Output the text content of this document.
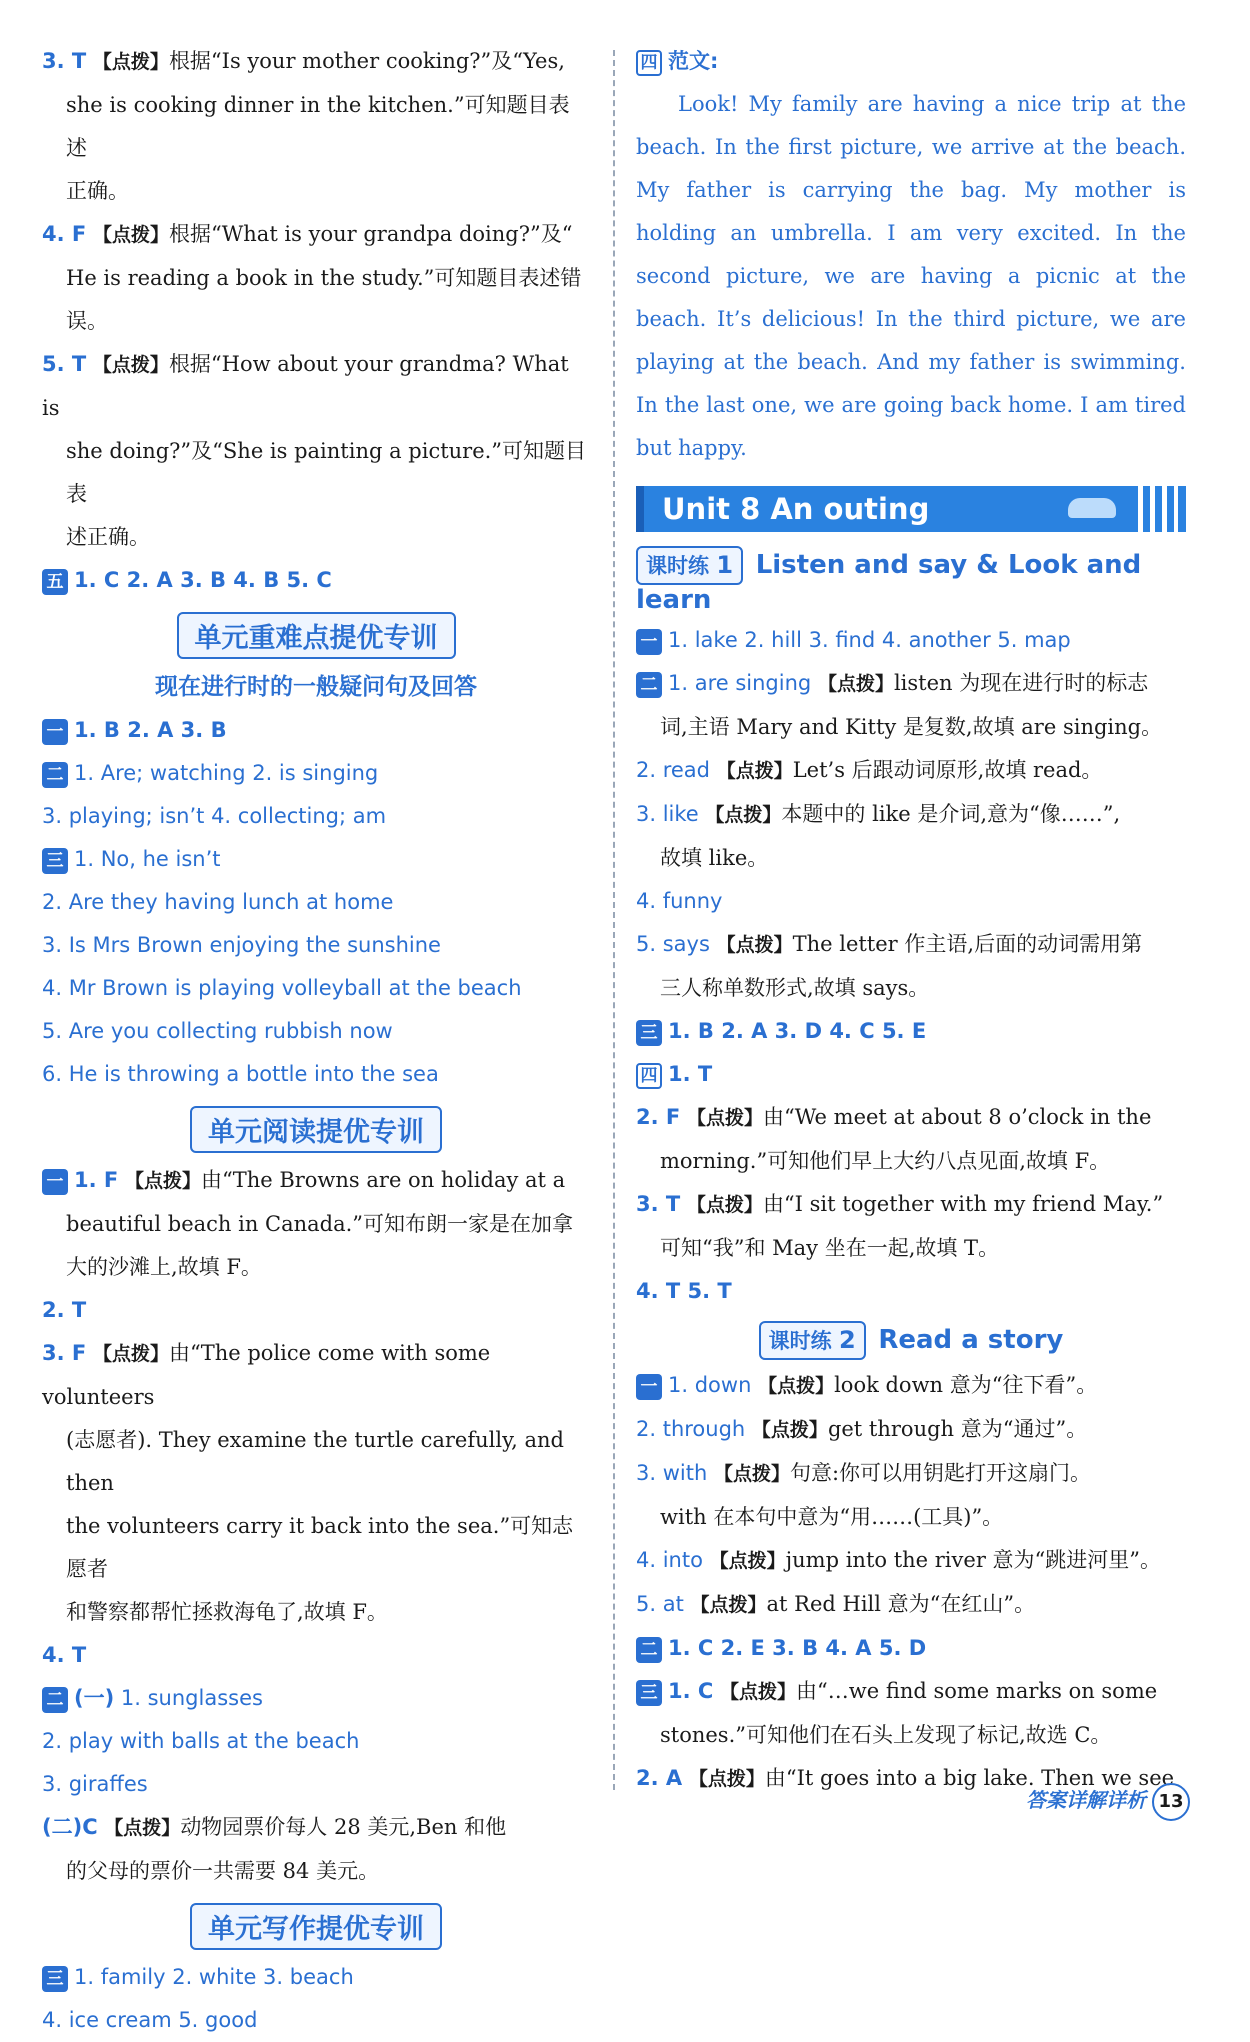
3. T 【点拨】根据“Is your mother cooking?”及“Yes,
she is cooking dinner in the kitchen.”可知题目表述
正确。

4. F 【点拨】根据“What is your grandpa doing?”及“
He is reading a book in the study.”可知题目表述错误。

5. T 【点拨】根据“How about your grandma? What is
she doing?”及“She is painting a picture.”可知题目表
述正确。

五 1. C 2. A 3. B 4. B 5. C

单元重难点提优专训
现在进行时的一般疑问句及回答

一 1. B 2. A 3. B

二 1. Are; watching 2. is singing

3. playing; isn’t 4. collecting; am

三 1. No, he isn’t

2. Are they having lunch at home

3. Is Mrs Brown enjoying the sunshine

4. Mr Brown is playing volleyball at the beach

5. Are you collecting rubbish now

6. He is throwing a bottle into the sea

单元阅读提优专训

一 1. F 【点拨】由“The Browns are on holiday at a
beautiful beach in Canada.”可知布朗一家是在加拿
大的沙滩上,故填 F。

2. T

3. F 【点拨】由“The police come with some volunteers
(志愿者). They examine the turtle carefully, and then
the volunteers carry it back into the sea.”可知志愿者
和警察都帮忙拯救海龟了,故填 F。

4. T

二 (一) 1. sunglasses

2. play with balls at the beach

3. giraffes

(二)C 【点拨】动物园票价每人 28 美元,Ben 和他
的父母的票价一共需要 84 美元。

单元写作提优专训

三 1. family 2. white 3. beach

4. ice cream 5. good

四 范文:

Look! My family are having a nice trip at the beach. In the first picture, we arrive at the beach. My father is carrying the bag. My mother is holding an umbrella. I am very excited. In the second picture, we are having a picnic at the beach. It’s delicious! In the third picture, we are playing at the beach. And my father is swimming. In the last one, we are going back home. I am tired but happy.

Unit 8 An outing
课时练 1 Listen and say & Look and learn

一 1. lake 2. hill 3. find 4. another 5. map

二 1. are singing 【点拨】listen 为现在进行时的标志
词,主语 Mary and Kitty 是复数,故填 are singing。

2. read 【点拨】Let’s 后跟动词原形,故填 read。

3. like 【点拨】本题中的 like 是介词,意为“像……”,
故填 like。

4. funny

5. says 【点拨】The letter 作主语,后面的动词需用第
三人称单数形式,故填 says。

三 1. B 2. A 3. D 4. C 5. E

四 1. T

2. F 【点拨】由“We meet at about 8 o’clock in the
morning.”可知他们早上大约八点见面,故填 F。

3. T 【点拨】由“I sit together with my friend May.”
可知“我”和 May 坐在一起,故填 T。

4. T 5. T

课时练 2 Read a story

一 1. down 【点拨】look down 意为“往下看”。

2. through 【点拨】get through 意为“通过”。

3. with 【点拨】句意:你可以用钥匙打开这扇门。
with 在本句中意为“用……(工具)”。

4. into 【点拨】jump into the river 意为“跳进河里”。

5. at 【点拨】at Red Hill 意为“在红山”。

二 1. C 2. E 3. B 4. A 5. D

三 1. C 【点拨】由“…we find some marks on some
stones.”可知他们在石头上发现了标记,故选 C。

2. A 【点拨】由“It goes into a big lake. Then we see

答案详解详析 13
